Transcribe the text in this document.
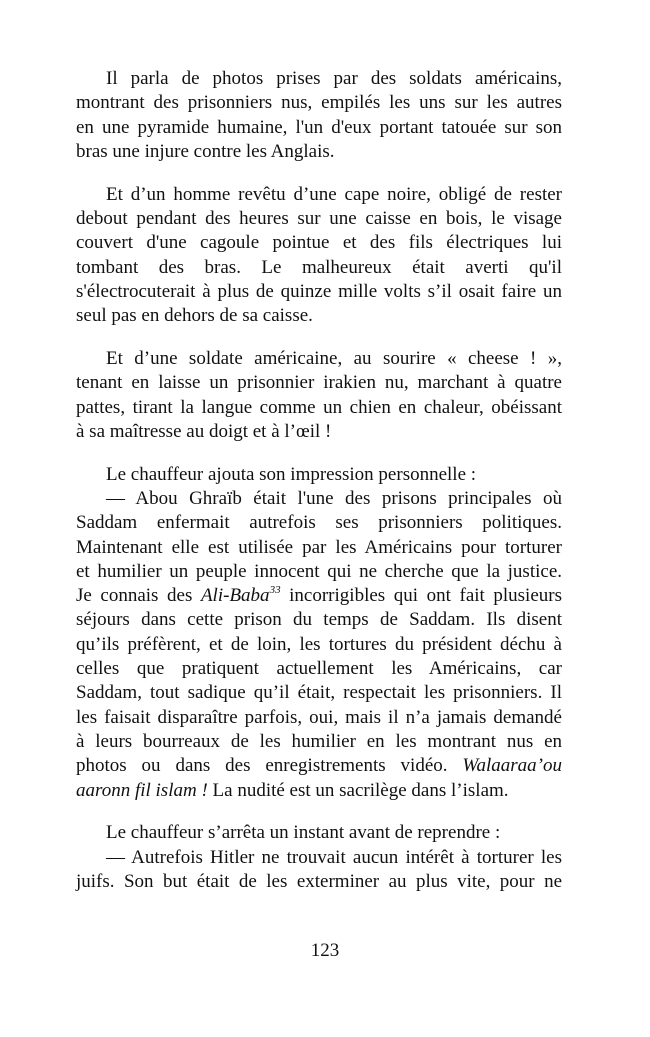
Il parla de photos prises par des soldats américains,
montrant des prisonniers nus, empilés les uns sur les autres
en une pyramide humaine, l'un d'eux portant tatouée sur son
bras une injure contre les Anglais.
Et d’un homme revêtu d’une cape noire, obligé de rester
debout pendant des heures sur une caisse en bois, le visage
couvert d'une cagoule pointue et des fils électriques lui
tombant des bras. Le malheureux était averti qu'il
s'électrocuterait à plus de quinze mille volts s’il osait faire un
seul pas en dehors de sa caisse.
Et d’une soldate américaine, au sourire « cheese ! »,
tenant en laisse un prisonnier irakien nu, marchant à quatre
pattes, tirant la langue comme un chien en chaleur, obéissant
à sa maîtresse au doigt et à l’œil !
Le chauffeur ajouta son impression personnelle :
— Abou Ghraïb était l'une des prisons principales où
Saddam enfermait autrefois ses prisonniers politiques.
Maintenant elle est utilisée par les Américains pour torturer
et humilier un peuple innocent qui ne cherche que la justice.
Je connais des Ali-Baba$^{33}$ incorrigibles qui ont fait plusieurs
séjours dans cette prison du temps de Saddam. Ils disent
qu’ils préfèrent, et de loin, les tortures du président déchu à
celles que pratiquent actuellement les Américains, car
Saddam, tout sadique qu’il était, respectait les prisonniers. Il
les faisait disparaître parfois, oui, mais il n’a jamais demandé
à leurs bourreaux de les humilier en les montrant nus en
photos ou dans des enregistrements vidéo. Walaaraa’ou
aaronn fil islam ! La nudité est un sacrilège dans l’islam.
Le chauffeur s’arrêta un instant avant de reprendre :
— Autrefois Hitler ne trouvait aucun intérêt à torturer les
juifs. Son but était de les exterminer au plus vite, pour ne
123
